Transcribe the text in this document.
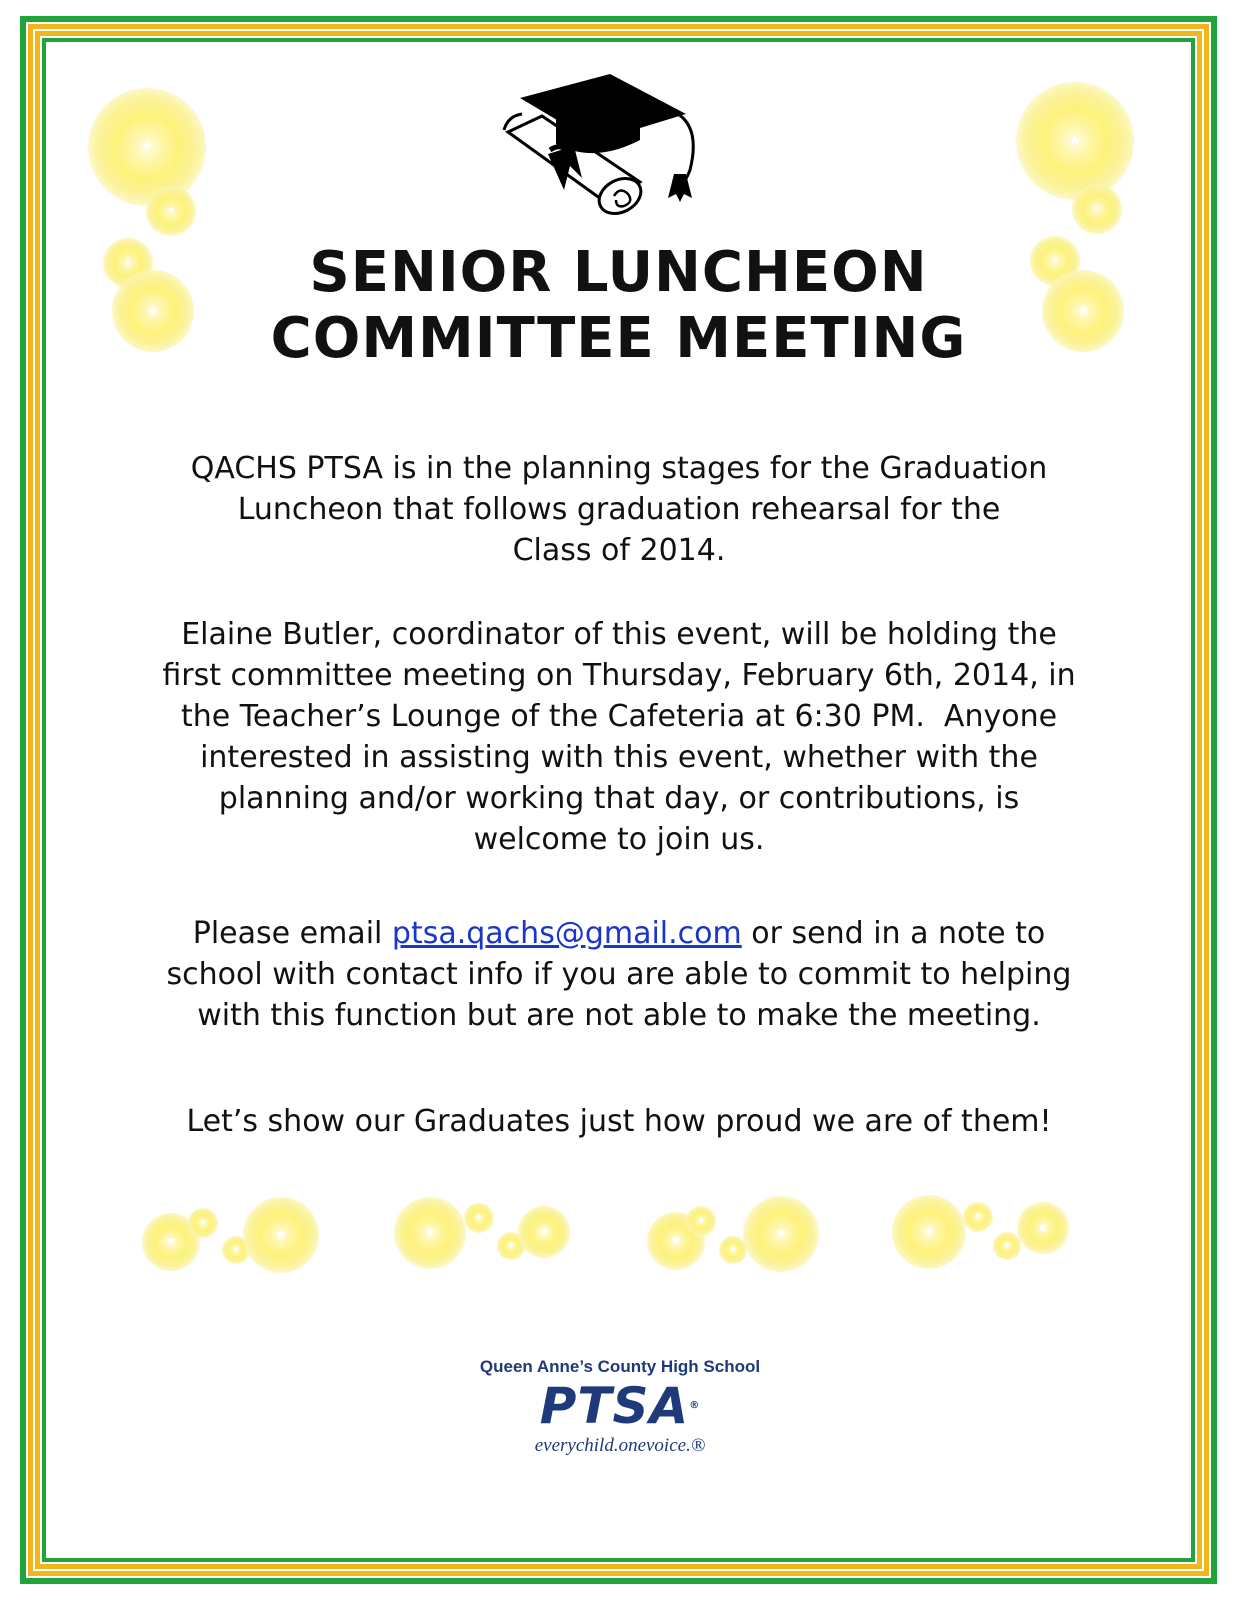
★
★
★
★
★
★
★
★
★
★
★
★
★
★
★
★
★
★
★
★
★
★
★
★
SENIOR LUNCHEON
COMMITTEE MEETING

QACHS PTSA is in the planning stages for the Graduation
Luncheon that follows graduation rehearsal for the
Class of 2014.

Elaine Butler, coordinator of this event, will be holding the
first committee meeting on Thursday, February 6th, 2014, in
the Teacher’s Lounge of the Cafeteria at 6:30 PM.  Anyone
interested in assisting with this event, whether with the
planning and/or working that day, or contributions, is
welcome to join us.

Please email ptsa.qachs@gmail.com or send in a note to
school with contact info if you are able to commit to helping
with this function but are not able to make the meeting.

Let’s show our Graduates just how proud we are of them!

Queen Anne’s County High School
PTSA®
everychild.onevoice.®
